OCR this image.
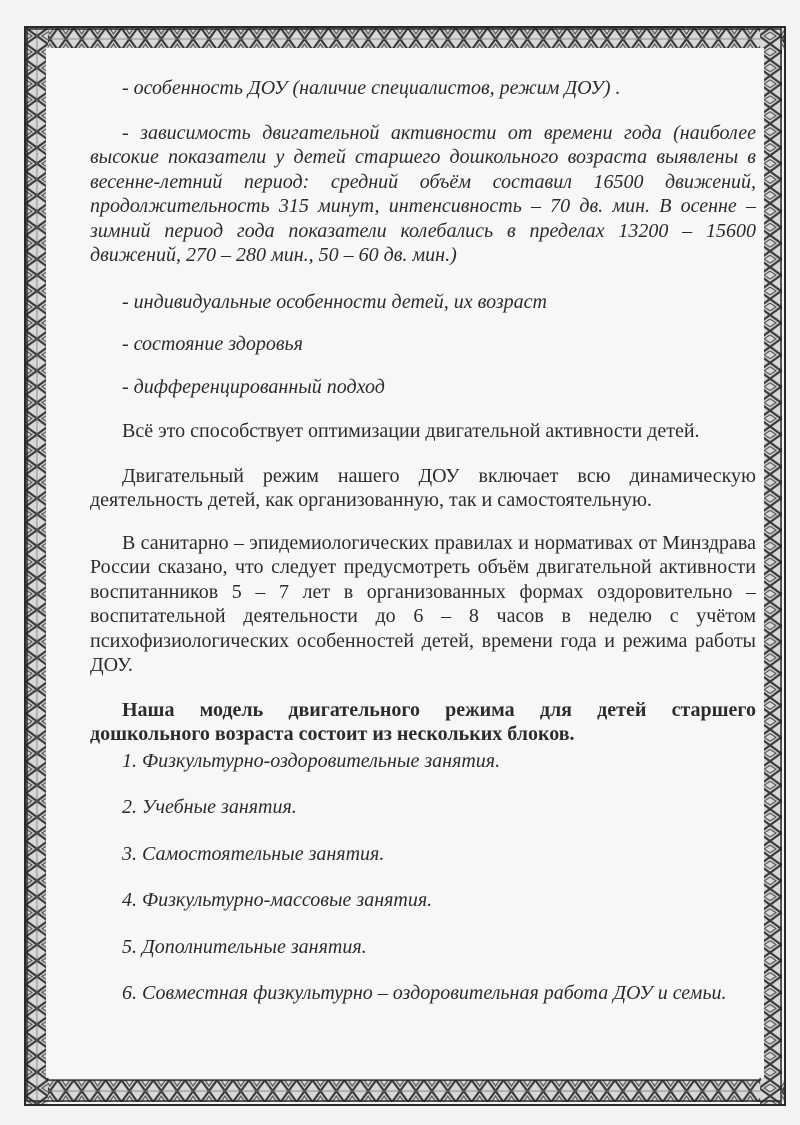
- особенность ДОУ (наличие специалистов, режим ДОУ) .

- зависимость двигательной активности от времени года (наиболее высокие показатели у детей старшего дошкольного возраста выявлены в весенне-летний период: средний объём составил 16500 движений, продолжительность 315 минут, интенсивность – 70 дв. мин. В осенне – зимний период года показатели колебались в пределах 13200 – 15600 движений, 270 – 280 мин., 50 – 60 дв. мин.)

- индивидуальные особенности детей, их возраст

- состояние здоровья

- дифференцированный подход

Всё это способствует оптимизации двигательной активности детей.

Двигательный режим нашего ДОУ включает всю динамическую деятельность детей, как организованную, так и самостоятельную.

В санитарно – эпидемиологических правилах и нормативах от Минздрава России сказано, что следует предусмотреть объём двигательной активности воспитанников 5 – 7 лет в организованных формах оздоровительно – воспитательной деятельности до 6 – 8 часов в неделю с учётом психофизиологических особенностей детей, времени года и режима работы ДОУ.

Наша модель двигательного режима для детей старшего дошкольного возраста состоит из нескольких блоков.

1. Физкультурно-оздоровительные занятия.

2. Учебные занятия.

3. Самостоятельные занятия.

4. Физкультурно-массовые занятия.

5. Дополнительные занятия.

6. Совместная физкультурно – оздоровительная работа ДОУ и семьи.
